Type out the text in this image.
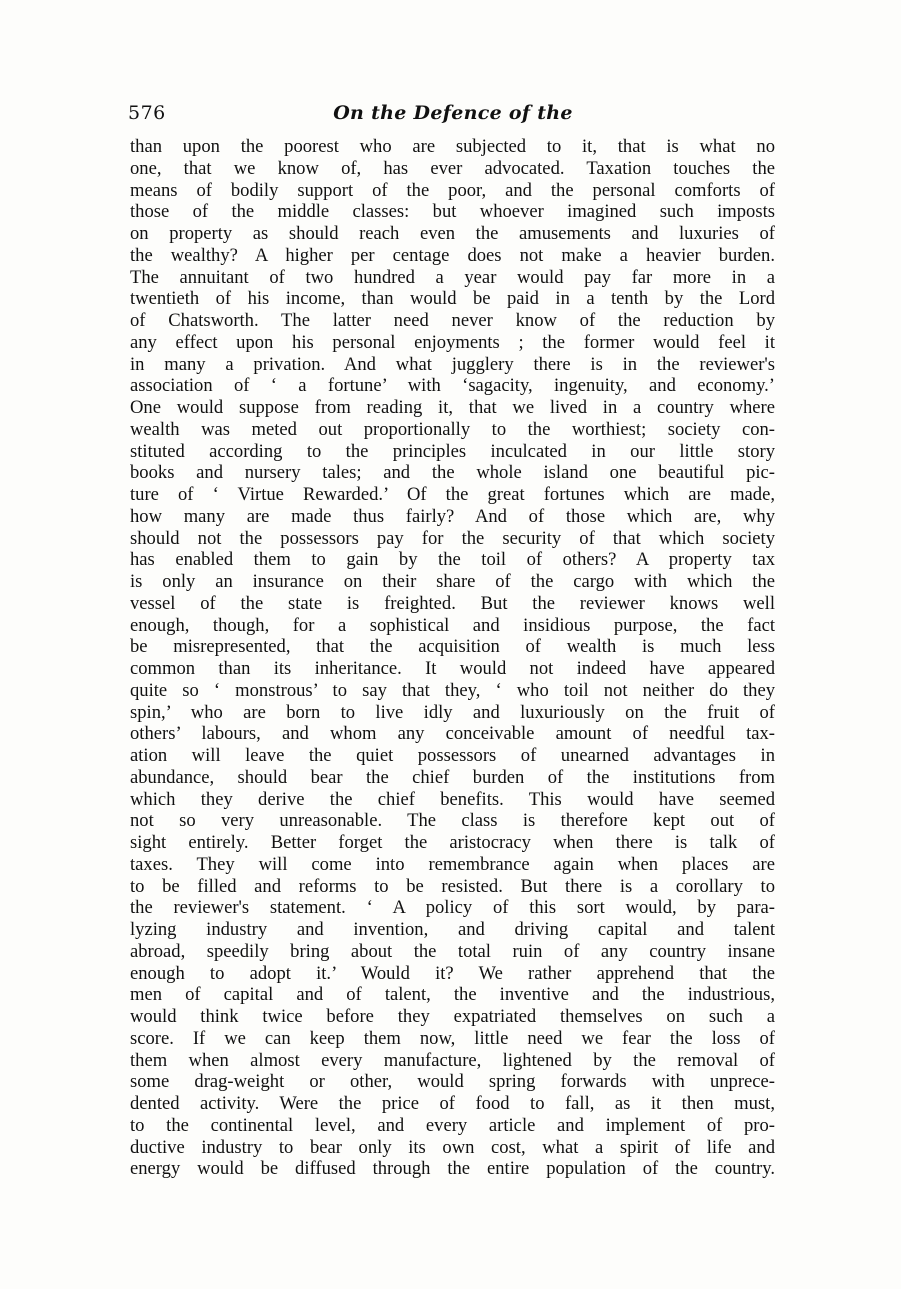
576	On the Defence of the
than upon the poorest who are subjected to it, that is what no
one, that we know of, has ever advocated. Taxation touches the
means of bodily support of the poor, and the personal comforts of
those of the middle classes: but whoever imagined such imposts
on property as should reach even the amusements and luxuries of
the wealthy? A higher per centage does not make a heavier burden.
The annuitant of two hundred a year would pay far more in a
twentieth of his income, than would be paid in a tenth by the Lord
of Chatsworth. The latter need never know of the reduction by
any effect upon his personal enjoyments ; the former would feel it
in many a privation. And what jugglery there is in the reviewer's
association of ‘ a fortune’ with ‘sagacity, ingenuity, and economy.’
One would suppose from reading it, that we lived in a country where
wealth was meted out proportionally to the worthiest; society con-
stituted according to the principles inculcated in our little story
books and nursery tales; and the whole island one beautiful pic-
ture of ‘ Virtue Rewarded.’ Of the great fortunes which are made,
how many are made thus fairly? And of those which are, why
should not the possessors pay for the security of that which society
has enabled them to gain by the toil of others? A property tax
is only an insurance on their share of the cargo with which the
vessel of the state is freighted. But the reviewer knows well
enough, though, for a sophistical and insidious purpose, the fact
be misrepresented, that the acquisition of wealth is much less
common than its inheritance. It would not indeed have appeared
quite so ‘ monstrous’ to say that they, ‘ who toil not neither do they
spin,’ who are born to live idly and luxuriously on the fruit of
others’ labours, and whom any conceivable amount of needful tax-
ation will leave the quiet possessors of unearned advantages in
abundance, should bear the chief burden of the institutions from
which they derive the chief benefits. This would have seemed
not so very unreasonable. The class is therefore kept out of
sight entirely. Better forget the aristocracy when there is talk of
taxes. They will come into remembrance again when places are
to be filled and reforms to be resisted. But there is a corollary to
the reviewer's statement. ‘ A policy of this sort would, by para-
lyzing industry and invention, and driving capital and talent
abroad, speedily bring about the total ruin of any country insane
enough to adopt it.’ Would it? We rather apprehend that the
men of capital and of talent, the inventive and the industrious,
would think twice before they expatriated themselves on such a
score. If we can keep them now, little need we fear the loss of
them when almost every manufacture, lightened by the removal of
some drag-weight or other, would spring forwards with unprece-
dented activity. Were the price of food to fall, as it then must,
to the continental level, and every article and implement of pro-
ductive industry to bear only its own cost, what a spirit of life and
energy would be diffused through the entire population of the country.
